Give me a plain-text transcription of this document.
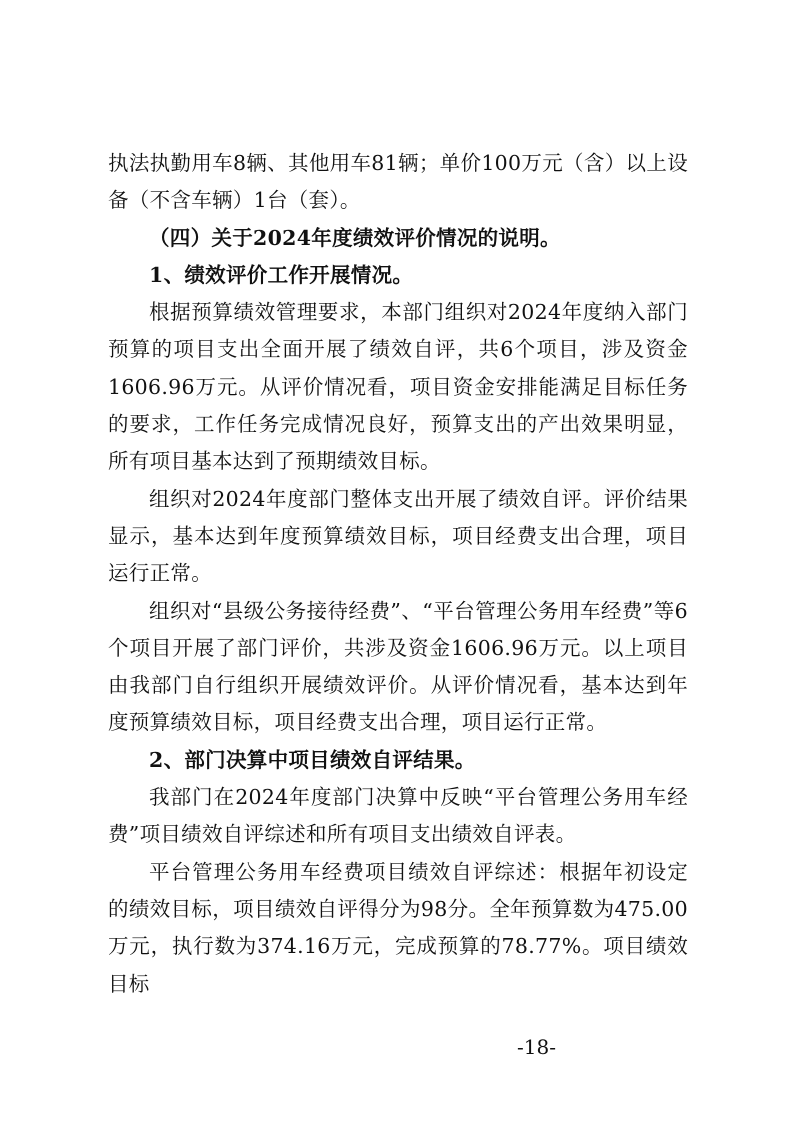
执法执勤用车8辆、其他用车81辆；单价100万元（含）以上设备（不含车辆）1台（套）。

（四）关于2024年度绩效评价情况的说明。

1、绩效评价工作开展情况。

根据预算绩效管理要求，本部门组织对2024年度纳入部门预算的项目支出全面开展了绩效自评，共6个项目，涉及资金1606.96万元。从评价情况看，项目资金安排能满足目标任务的要求，工作任务完成情况良好，预算支出的产出效果明显，所有项目基本达到了预期绩效目标。

组织对2024年度部门整体支出开展了绩效自评。评价结果显示，基本达到年度预算绩效目标，项目经费支出合理，项目运行正常。

组织对“县级公务接待经费”、“平台管理公务用车经费”等6个项目开展了部门评价，共涉及资金1606.96万元。以上项目由我部门自行组织开展绩效评价。从评价情况看，基本达到年度预算绩效目标，项目经费支出合理，项目运行正常。

2、部门决算中项目绩效自评结果。

我部门在2024年度部门决算中反映“平台管理公务用车经费”项目绩效自评综述和所有项目支出绩效自评表。

平台管理公务用车经费项目绩效自评综述：根据年初设定的绩效目标，项目绩效自评得分为98分。全年预算数为475.00万元，执行数为374.16万元，完成预算的78.77%。项目绩效目标

-18-
